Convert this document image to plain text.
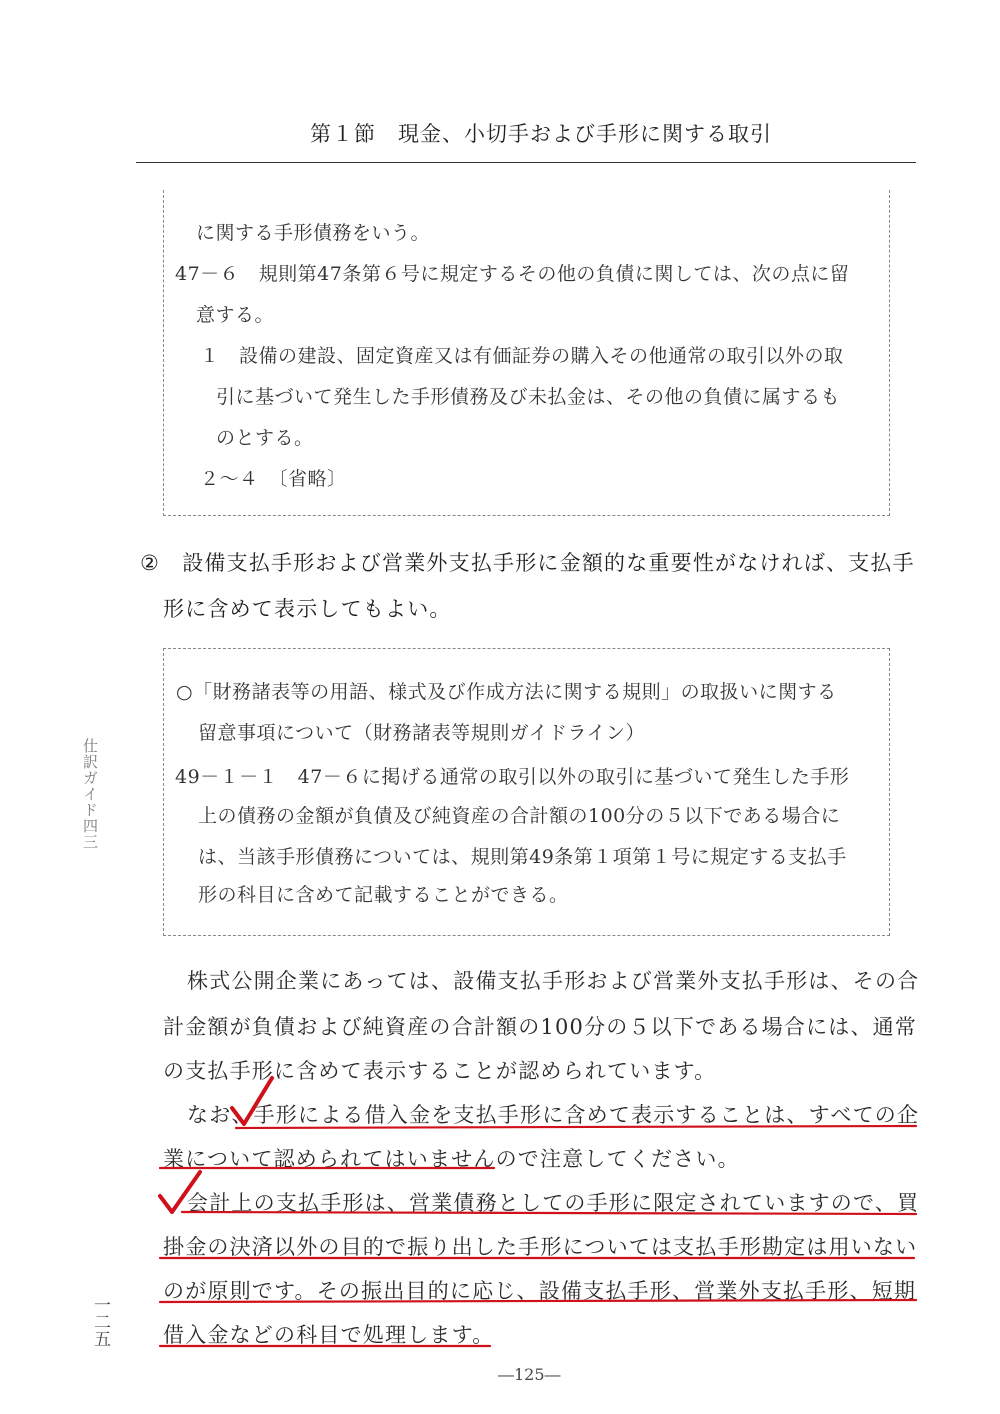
第１節　現金、小切手および手形に関する取引
に関する手形債務をいう。
47－６　規則第47条第６号に規定するその他の負債に関しては、次の点に留
意する。
１　設備の建設、固定資産又は有価証券の購入その他通常の取引以外の取
引に基づいて発生した手形債務及び未払金は、その他の負債に属するも
のとする。
２～４　〔省略〕
②　設備支払手形および営業外支払手形に金額的な重要性がなければ、支払手
形に含めて表示してもよい。
○「財務諸表等の用語、様式及び作成方法に関する規則」の取扱いに関する
留意事項について（財務諸表等規則ガイドライン）
49－１－１　47－６に掲げる通常の取引以外の取引に基づいて発生した手形
上の債務の金額が負債及び純資産の合計額の100分の５以下である場合に
は、当該手形債務については、規則第49条第１項第１号に規定する支払手
形の科目に含めて記載することができる。
株式公開企業にあっては、設備支払手形および営業外支払手形は、その合
計金額が負債および純資産の合計額の100分の５以下である場合には、通常
の支払手形に含めて表示することが認められています。
なお、手形による借入金を支払手形に含めて表示することは、すべての企
業について認められてはいませんので注意してください。
会計上の支払手形は、営業債務としての手形に限定されていますので、買
掛金の決済以外の目的で振り出した手形については支払手形勘定は用いない
のが原則です。その振出目的に応じ、設備支払手形、営業外支払手形、短期
借入金などの科目で処理します。
仕訳ガイド四三
一二五
―125―
